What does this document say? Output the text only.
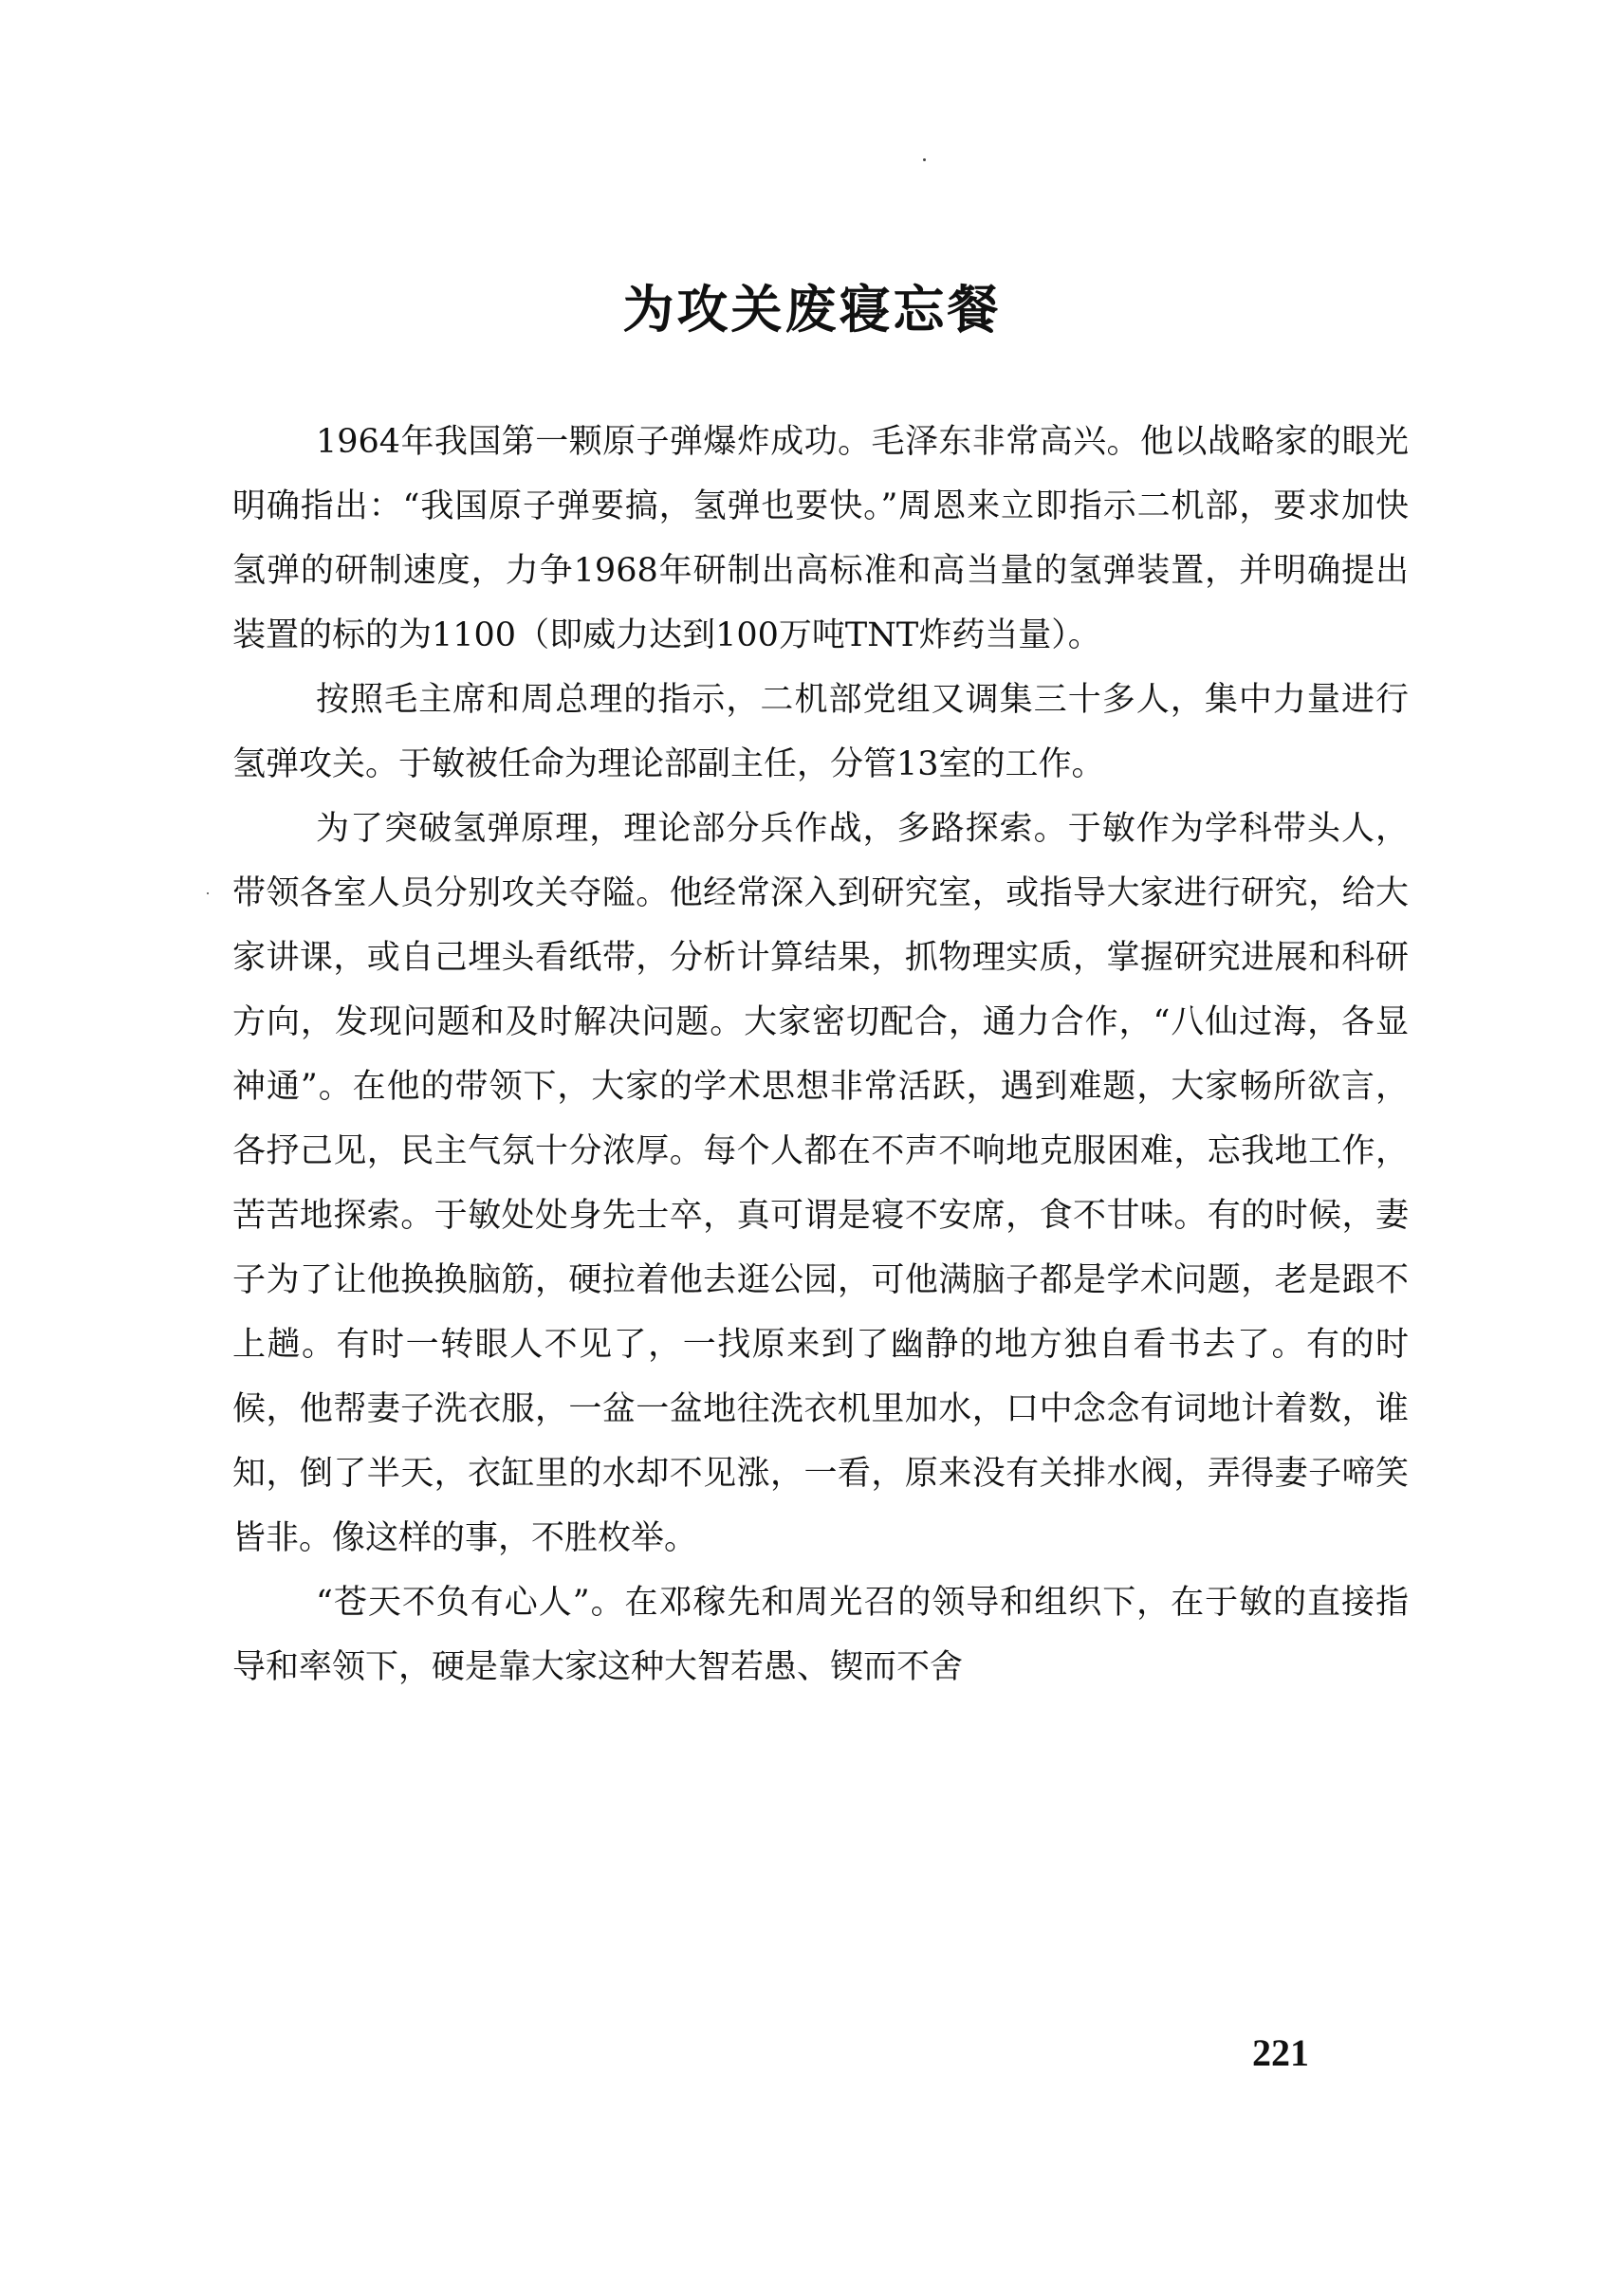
为攻关废寝忘餐

1964年我国第一颗原子弹爆炸成功。毛泽东非常高兴。他以战略家的眼光明确指出：“我国原子弹要搞，氢弹也要快。”周恩来立即指示二机部，要求加快氢弹的研制速度，力争1968年研制出高标准和高当量的氢弹装置，并明确提出装置的标的为1100（即威力达到100万吨TNT炸药当量）。

按照毛主席和周总理的指示，二机部党组又调集三十多人，集中力量进行氢弹攻关。于敏被任命为理论部副主任，分管13室的工作。

为了突破氢弹原理，理论部分兵作战，多路探索。于敏作为学科带头人，带领各室人员分别攻关夺隘。他经常深入到研究室，或指导大家进行研究，给大家讲课，或自己埋头看纸带，分析计算结果，抓物理实质，掌握研究进展和科研方向，发现问题和及时解决问题。大家密切配合，通力合作，“八仙过海，各显神通”。在他的带领下，大家的学术思想非常活跃，遇到难题，大家畅所欲言，各抒己见，民主气氛十分浓厚。每个人都在不声不响地克服困难，忘我地工作，苦苦地探索。于敏处处身先士卒，真可谓是寝不安席，食不甘味。有的时候，妻子为了让他换换脑筋，硬拉着他去逛公园，可他满脑子都是学术问题，老是跟不上趟。有时一转眼人不见了，一找原来到了幽静的地方独自看书去了。有的时候，他帮妻子洗衣服，一盆一盆地往洗衣机里加水，口中念念有词地计着数，谁知，倒了半天，衣缸里的水却不见涨，一看，原来没有关排水阀，弄得妻子啼笑皆非。像这样的事，不胜枚举。

“苍天不负有心人”。在邓稼先和周光召的领导和组织下，在于敏的直接指导和率领下，硬是靠大家这种大智若愚、锲而不舍

221
